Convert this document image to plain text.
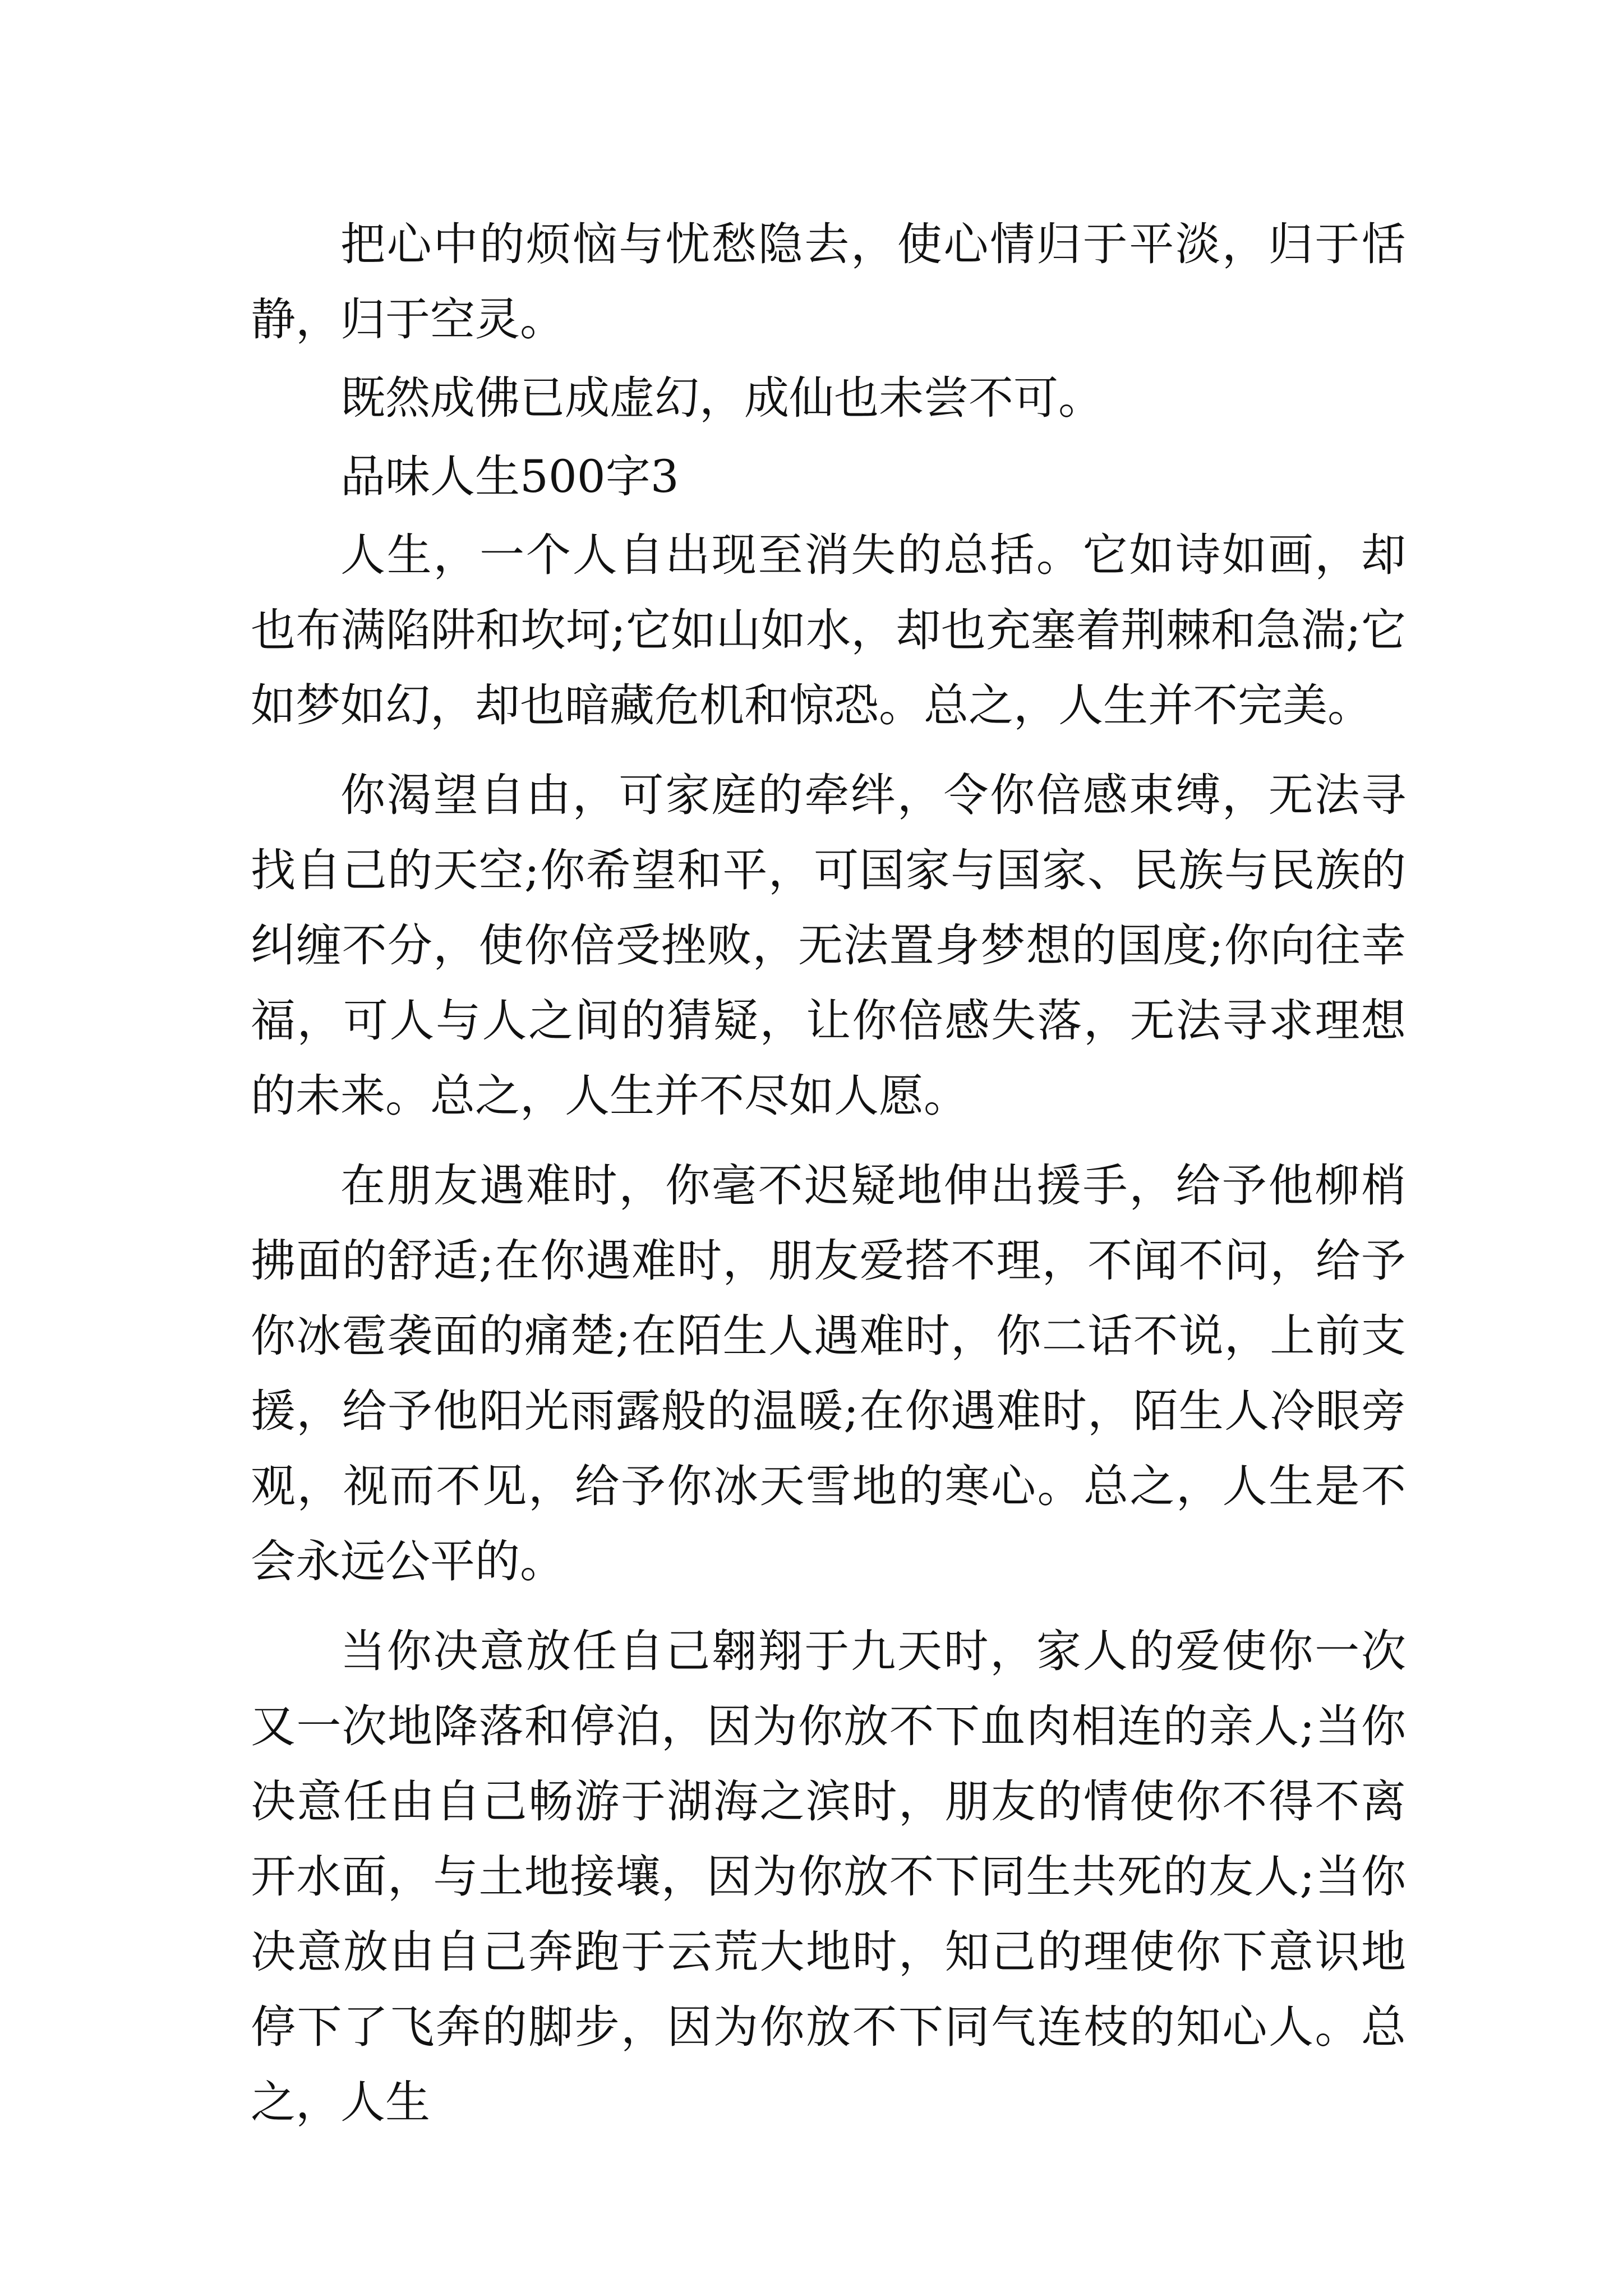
把心中的烦恼与忧愁隐去，使心情归于平淡，归于恬静，归于空灵。

既然成佛已成虚幻，成仙也未尝不可。

品味人生500字3

人生，一个人自出现至消失的总括。它如诗如画，却也布满陷阱和坎坷;它如山如水，却也充塞着荆棘和急湍;它如梦如幻，却也暗藏危机和惊恐。总之，人生并不完美。

你渴望自由，可家庭的牵绊，令你倍感束缚，无法寻找自己的天空;你希望和平，可国家与国家、民族与民族的纠缠不分，使你倍受挫败，无法置身梦想的国度;你向往幸福，可人与人之间的猜疑，让你倍感失落，无法寻求理想的未来。总之，人生并不尽如人愿。

在朋友遇难时，你毫不迟疑地伸出援手，给予他柳梢拂面的舒适;在你遇难时，朋友爱搭不理，不闻不问，给予你冰雹袭面的痛楚;在陌生人遇难时，你二话不说，上前支援，给予他阳光雨露般的温暖;在你遇难时，陌生人冷眼旁观，视而不见，给予你冰天雪地的寒心。总之，人生是不会永远公平的。

当你决意放任自己翱翔于九天时，家人的爱使你一次又一次地降落和停泊，因为你放不下血肉相连的亲人;当你决意任由自己畅游于湖海之滨时，朋友的情使你不得不离开水面，与土地接壤，因为你放不下同生共死的友人;当你决意放由自己奔跑于云荒大地时，知己的理使你下意识地停下了飞奔的脚步，因为你放不下同气连枝的知心人。总之，人生
